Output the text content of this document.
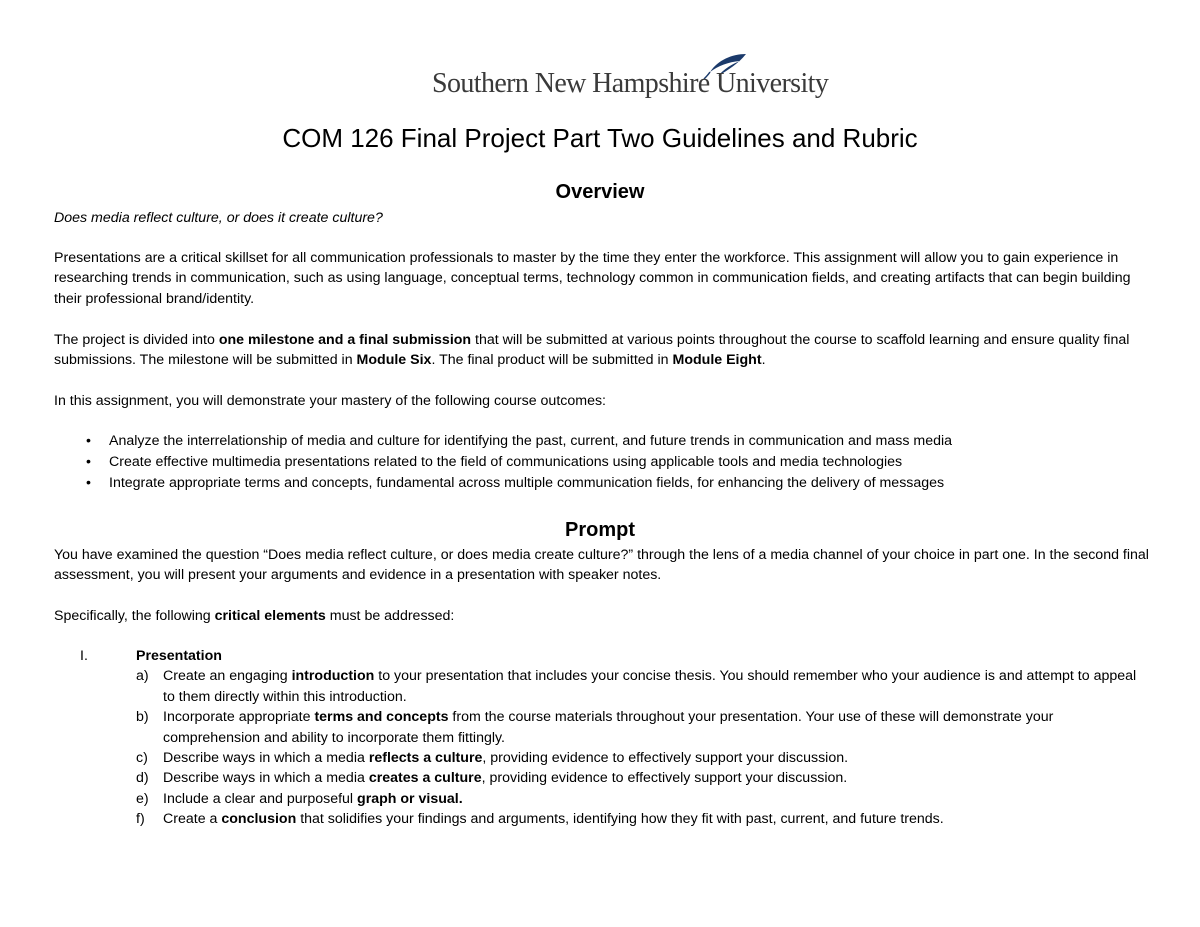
Southern New Hampshire University
COM 126 Final Project Part Two Guidelines and Rubric
Overview
Does media reflect culture, or does it create culture?
Presentations are a critical skillset for all communication professionals to master by the time they enter the workforce. This assignment will allow you to gain experience in researching trends in communication, such as using language, conceptual terms, technology common in communication fields, and creating artifacts that can begin building their professional brand/identity.
The project is divided into one milestone and a final submission that will be submitted at various points throughout the course to scaffold learning and ensure quality final submissions. The milestone will be submitted in Module Six. The final product will be submitted in Module Eight.
In this assignment, you will demonstrate your mastery of the following course outcomes:
• Analyze the interrelationship of media and culture for identifying the past, current, and future trends in communication and mass media
• Create effective multimedia presentations related to the field of communications using applicable tools and media technologies
• Integrate appropriate terms and concepts, fundamental across multiple communication fields, for enhancing the delivery of messages
Prompt
You have examined the question “Does media reflect culture, or does media create culture?” through the lens of a media channel of your choice in part one. In the second final assessment, you will present your arguments and evidence in a presentation with speaker notes.
Specifically, the following critical elements must be addressed:
I.	Presentation
a) Create an engaging introduction to your presentation that includes your concise thesis. You should remember who your audience is and attempt to appeal to them directly within this introduction.
b) Incorporate appropriate terms and concepts from the course materials throughout your presentation. Your use of these will demonstrate your comprehension and ability to incorporate them fittingly.
c) Describe ways in which a media reflects a culture, providing evidence to effectively support your discussion.
d) Describe ways in which a media creates a culture, providing evidence to effectively support your discussion.
e) Include a clear and purposeful graph or visual.
f) Create a conclusion that solidifies your findings and arguments, identifying how they fit with past, current, and future trends.
